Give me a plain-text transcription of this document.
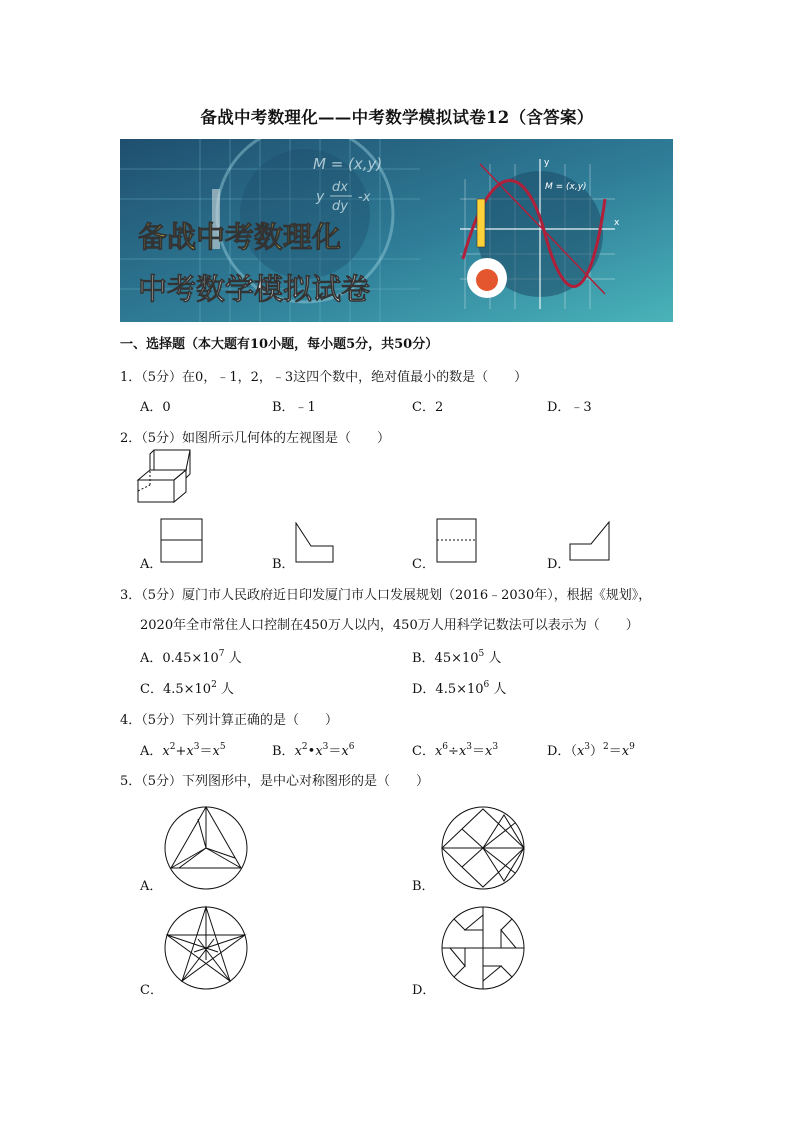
备战中考数理化——中考数学模拟试卷12（含答案）
M = (x,y)
y
dx
dy
-x
备战中考数理化
中考数学模拟试卷
x
y
M = (x,y)
一、选择题（本大题有10小题，每小题5分，共50分）
1．（5分）在0，﹣1，2，﹣3这四个数中，绝对值最小的数是（　　）
A．0	B．﹣1	C．2	D．﹣3
2．（5分）如图所示几何体的左视图是（　　）
A．	B．	C．	D．
3．（5分）厦门市人民政府近日印发厦门市人口发展规划（2016﹣2030年），根据《规划》，
2020年全市常住人口控制在450万人以内，450万人用科学记数法可以表示为（　　）
A．$0.45\times 10^7$ 人	B．$45\times 10^5$ 人
C．$4.5\times 10^2$ 人	D．$4.5\times 10^6$ 人
4．（5分）下列计算正确的是（　　）
A．$x^2+x^3=x^5$	B．$x^2•x^3=x^6$	C．$x^6\div x^3=x^3$	D．$(x^3)^2=x^9$
5．（5分）下列图形中，是中心对称图形的是（　　）
A．	B．
C．	D．
